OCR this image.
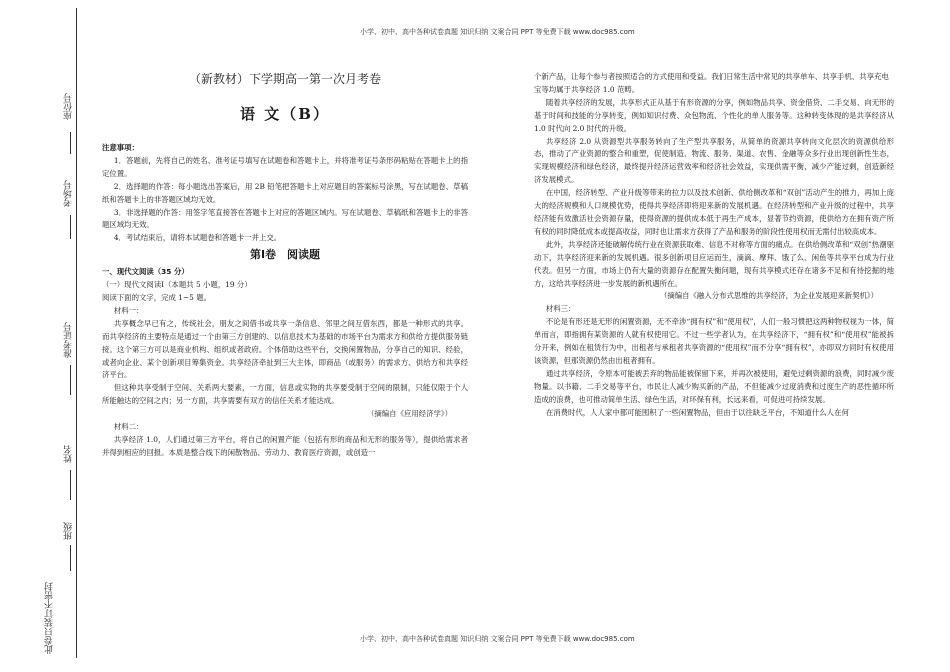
小学、初中、高中各种试卷真题 知识归纳 文案合同 PPT 等免费下载 www.doc985.com
座位号
考场号
准考证号
姓名
班级
此卷只装订不密封
（新教材）下学期高一第一次月考卷
语 文（B）
注意事项：

1．答题前，先将自己的姓名、准考证号填写在试题卷和答题卡上，并将准考证号条形码粘贴在答题卡上的指定位置。

2．选择题的作答：每小题选出答案后，用 2B 铅笔把答题卡上对应题目的答案标号涂黑，写在试题卷、草稿纸和答题卡上的非答题区域均无效。

3．非选择题的作答：用签字笔直接答在答题卡上对应的答题区域内。写在试题卷、草稿纸和答题卡上的非答题区域均无效。

4．考试结束后，请将本试题卷和答题卡一并上交。

第Ⅰ卷　阅读题

一、现代文阅读（35 分）

（一）现代文阅读Ⅰ（本题共 5 小题，19 分）

阅读下面的文字，完成 1~5 题。

材料一：

共享概念早已有之，传统社会，朋友之间借书或共享一条信息、邻里之间互借东西，都是一种形式的共享。而共享经济的主要特点是通过一个由第三方创建的、以信息技术为基础的市场平台为需求方和供给方提供服务链接。这个第三方可以是商业机构、组织或者政府。个体借助这些平台，交换闲置物品，分享自己的知识、经验，或者向企业、某个创新项目筹集资金。共享经济牵扯到三大主体，即商品（或服务）的需求方、供给方和共享经济平台。

但这种共享受制于空间、关系两大要素，一方面，信息或实物的共享要受制于空间的限制，只能仅限于个人所能触达的空间之内；另一方面，共享需要有双方的信任关系才能达成。

（摘编自《应用经济学》）

材料二：

共享经济 1.0，人们通过第三方平台，将自己的闲置产能（包括有形的商品和无形的服务等），提供给需求者并得到相应的回报。本质是整合线下的闲散物品、劳动力、教育医疗资源，或创造一

个新产品，让每个参与者按照适合的方式使用和受益。我们日常生活中常见的共享单车、共享手机、共享充电宝等均属于共享经济 1.0 范畴。

随着共享经济的发展，共享形式正从基于有形资源的分享，例如物品共享、资金借贷、二手交易、向无形的基于时间和技能的分享转变，例如知识付费、众包物流、个性化的单人服务等。这种转变体现的是共享经济从 1.0 时代向 2.0 时代的升级。

共享经济 2.0 从资源型共享服务转向了生产型共享服务，从简单的资源共享转向文化层次的资源供给形态，推动了产业资源的整合和重塑，促使制造、物流、服务、渠道、农售、金融等众多行业出现创新性生态，实现规模经济和绿色经济，最终提升经济运营效率和经济社会效益，实现供需平衡，减少产能过剩，创造新经济发展模式。

在中国，经济转型、产业升级等带来的拉力以及技术创新、供给侧改革和“双创”活动产生的推力，再加上庞大的经济规模和人口规模优势，使得共享经济即将迎来新的发展机遇。在经济转型和产业升级的过程中，共享经济能有效激活社会资源存量，使得资源的提供成本低于再生产成本，显著节约资源，使供给方在拥有资产所有权的同时降低成本或提高收益，同时也让需求方获得了产品和服务的阶段性使用权而无需付出较高成本。

此外，共享经济还能破解传统行业在资源获取难、信息不对称等方面的痛点。在供给侧改革和“双创”热潮驱动下，共享经济迎来新的发展机遇。很多创新项目应运而生，滴滴、摩拜、饿了么、闲鱼等共享平台成为行业代表。但另一方面，市场上仍有大量的资源存在配置失衡问题，现有共享模式还存在诸多不足和有待挖掘的地方，这给共享经济进一步发展的新机遇所在。

（摘编自《融入分布式思维的共享经济，为企业发展迎来新契机》）

材料三：

不论是有形还是无形的闲置资源，无不牵涉“拥有权”和“使用权”，人们一般习惯把这两种物权视为一体，简单而言，即指拥有某资源的人就有权使用它。不过一些学者认为，在共享经济下，“拥有权”和“使用权”能被拆分开来，例如在租赁行为中，出租者与承租者共享资源的“使用权”而不分享“拥有权”，亦即双方同时有权使用该资源，但那资源仍然由出租者拥有。

通过共享经济，令原本可能被丢弃的物品能被保留下来，并再次被使用，避免过剩资源的浪费，同时减少废物量。以书籍、二手交易等平台，市民让人减少购买新的产品，不但能减少过度消费和过度生产的恶性循环所造成的浪费，也可推动简单生活、绿色生活，对环保有利，长远来看，可促进可持续发展。

在消费时代，人人家中都可能囤积了一些闲置物品，但由于以往缺乏平台，不知道什么人在何

小学、初中、高中各种试卷真题 知识归纳 文案合同 PPT 等免费下载 www.doc985.com
